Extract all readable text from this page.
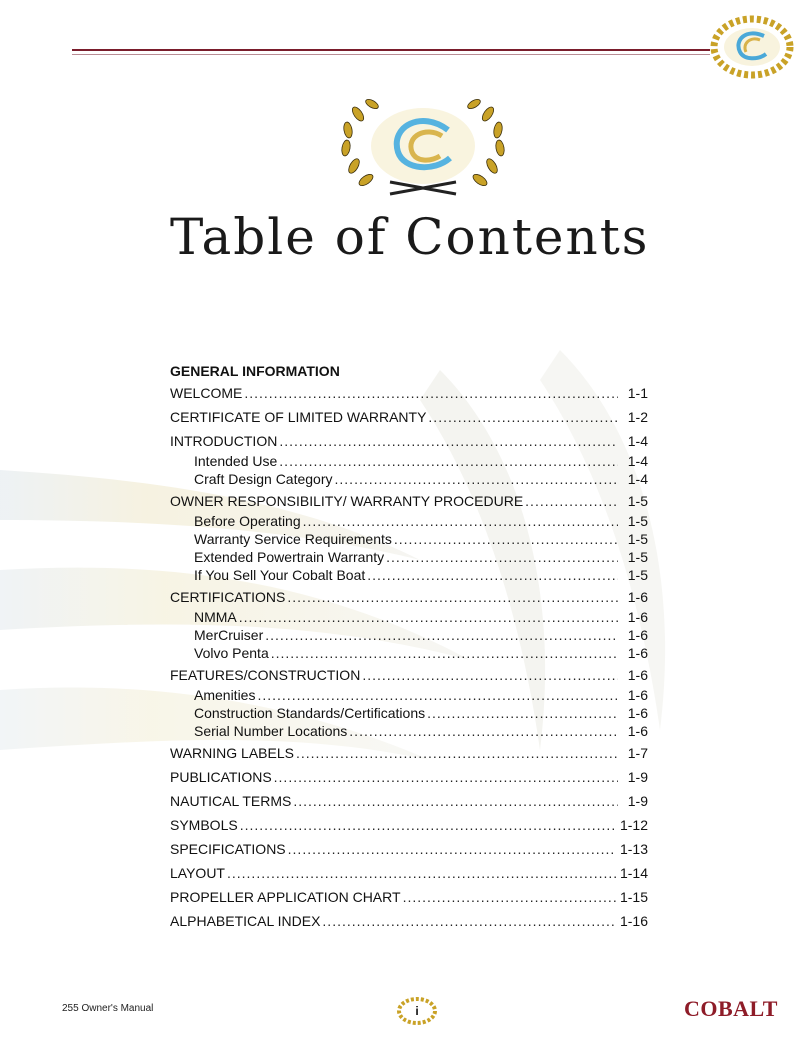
Table of Contents
GENERAL INFORMATION
WELCOME .....	1-1
CERTIFICATE OF LIMITED WARRANTY .....	1-2
INTRODUCTION .....	1-4
Intended Use .....	1-4
Craft Design Category .....	1-4
OWNER RESPONSIBILITY/ WARRANTY PROCEDURE .....	1-5
Before Operating .....	1-5
Warranty Service Requirements .....	1-5
Extended Powertrain Warranty .....	1-5
If You Sell Your Cobalt Boat .....	1-5
CERTIFICATIONS .....	1-6
NMMA .....	1-6
MerCruiser .....	1-6
Volvo Penta .....	1-6
FEATURES/CONSTRUCTION .....	1-6
Amenities .....	1-6
Construction Standards/Certifications .....	1-6
Serial Number Locations .....	1-6
WARNING LABELS .....	1-7
PUBLICATIONS .....	1-9
NAUTICAL TERMS .....	1-9
SYMBOLS .....	1-12
SPECIFICATIONS .....	1-13
LAYOUT .....	1-14
PROPELLER APPLICATION CHART .....	1-15
ALPHABETICAL INDEX .....	1-16
255 Owner's Manual	i	COBALT
